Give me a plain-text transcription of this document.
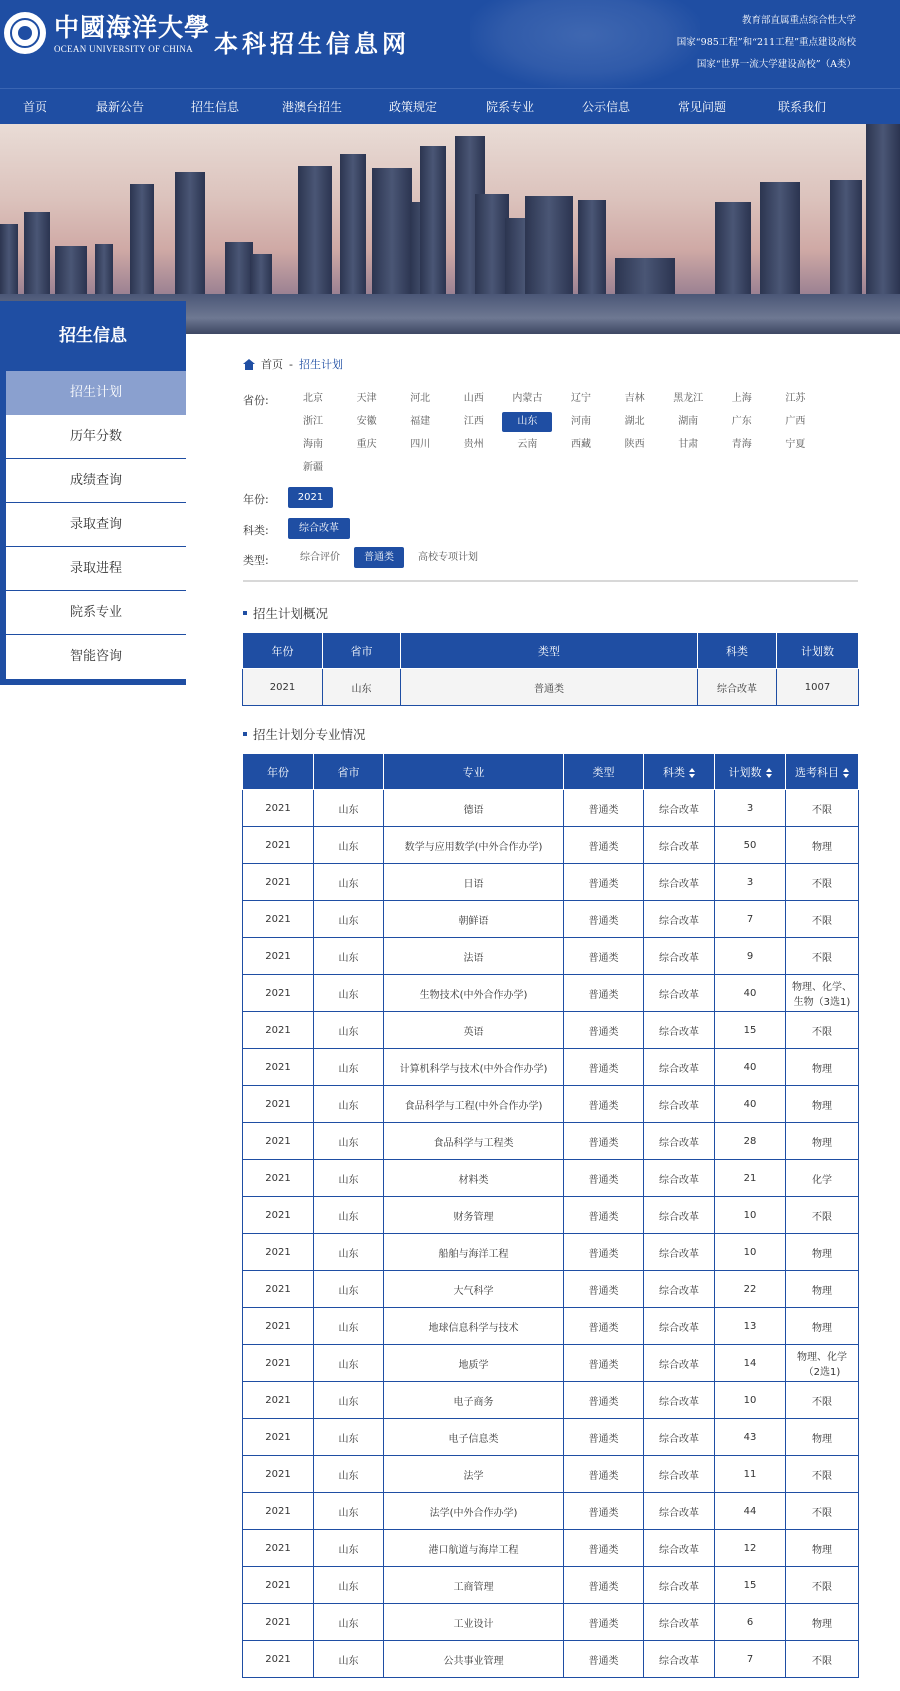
中國海洋大學
OCEAN UNIVERSITY OF CHINA 本科招生信息网
教育部直属重点综合性大学
国家“985工程”和“211工程”重点建设高校
国家“世界一流大学建设高校”（A类）
首页	最新公告	招生信息	港澳台招生	政策规定	院系专业	公示信息	常见问题	联系我们
招生信息
招生计划
历年分数
成绩查询
录取查询
录取进程
院系专业
智能咨询
首页 - 招生计划
省份:	北京	天津	河北	山西	内蒙古	辽宁	吉林	黑龙江	上海	江苏
浙江	安徽	福建	江西	山东	河南	湖北	湖南	广东	广西
海南	重庆	四川	贵州	云南	西藏	陕西	甘肃	青海	宁夏
新疆
年份:	2021
科类:	综合改革
类型:	综合评价	普通类	高校专项计划
招生计划概况
年份	省市	类型	科类	计划数
2021	山东	普通类	综合改革	1007
招生计划分专业情况
年份	省市	专业	类型	科类	计划数	选考科目
2021	山东	德语	普通类	综合改革	3	不限
2021	山东	数学与应用数学(中外合作办学)	普通类	综合改革	50	物理
2021	山东	日语	普通类	综合改革	3	不限
2021	山东	朝鲜语	普通类	综合改革	7	不限
2021	山东	法语	普通类	综合改革	9	不限
2021	山东	生物技术(中外合作办学)	普通类	综合改革	40	物理、化学、生物（3选1)
2021	山东	英语	普通类	综合改革	15	不限
2021	山东	计算机科学与技术(中外合作办学)	普通类	综合改革	40	物理
2021	山东	食品科学与工程(中外合作办学)	普通类	综合改革	40	物理
2021	山东	食品科学与工程类	普通类	综合改革	28	物理
2021	山东	材料类	普通类	综合改革	21	化学
2021	山东	财务管理	普通类	综合改革	10	不限
2021	山东	船舶与海洋工程	普通类	综合改革	10	物理
2021	山东	大气科学	普通类	综合改革	22	物理
2021	山东	地球信息科学与技术	普通类	综合改革	13	物理
2021	山东	地质学	普通类	综合改革	14	物理、化学（2选1)
2021	山东	电子商务	普通类	综合改革	10	不限
2021	山东	电子信息类	普通类	综合改革	43	物理
2021	山东	法学	普通类	综合改革	11	不限
2021	山东	法学(中外合作办学)	普通类	综合改革	44	不限
2021	山东	港口航道与海岸工程	普通类	综合改革	12	物理
2021	山东	工商管理	普通类	综合改革	15	不限
2021	山东	工业设计	普通类	综合改革	6	物理
2021	山东	公共事业管理	普通类	综合改革	7	不限
